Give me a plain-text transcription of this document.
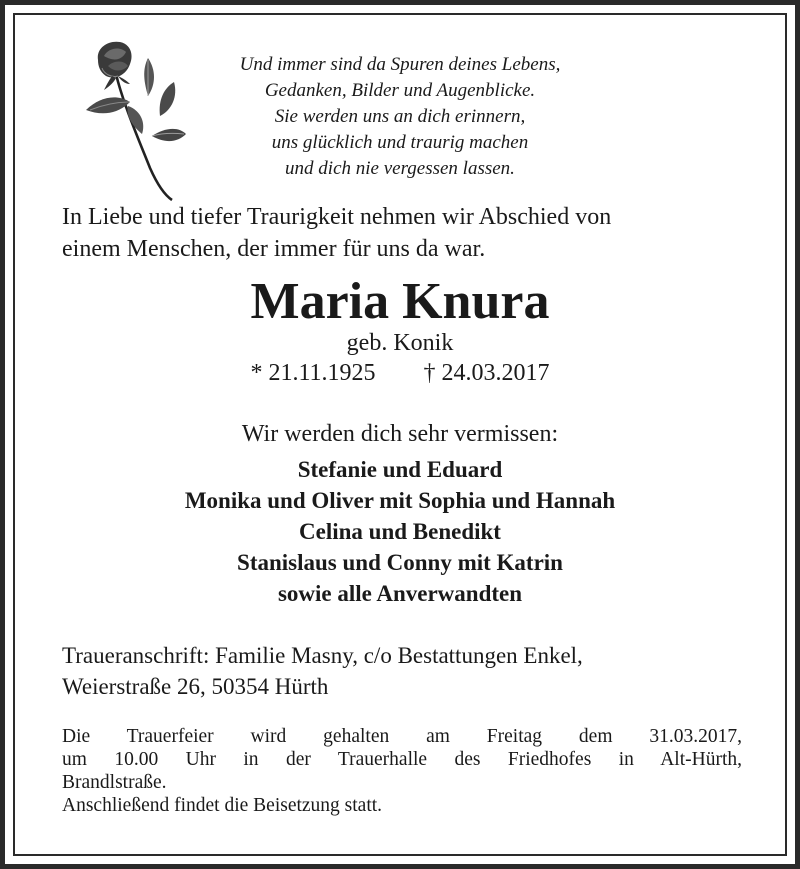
Und immer sind da Spuren deines Lebens,
Gedanken, Bilder und Augenblicke.
Sie werden uns an dich erinnern,
uns glücklich und traurig machen
und dich nie vergessen lassen.
In Liebe und tiefer Traurigkeit nehmen wir Abschied von
einem Menschen, der immer für uns da war.
Maria Knura
geb. Konik
* 21.11.1925 † 24.03.2017
Wir werden dich sehr vermissen:
Stefanie und Eduard
Monika und Oliver mit Sophia und Hannah
Celina und Benedikt
Stanislaus und Conny mit Katrin
sowie alle Anverwandten
Traueranschrift: Familie Masny, c/o Bestattungen Enkel,
Weierstraße 26, 50354 Hürth
Die Trauerfeier wird gehalten am Freitag dem 31.03.2017,
um 10.00 Uhr in der Trauerhalle des Friedhofes in Alt-Hürth,
Brandlstraße.
Anschließend findet die Beisetzung statt.
